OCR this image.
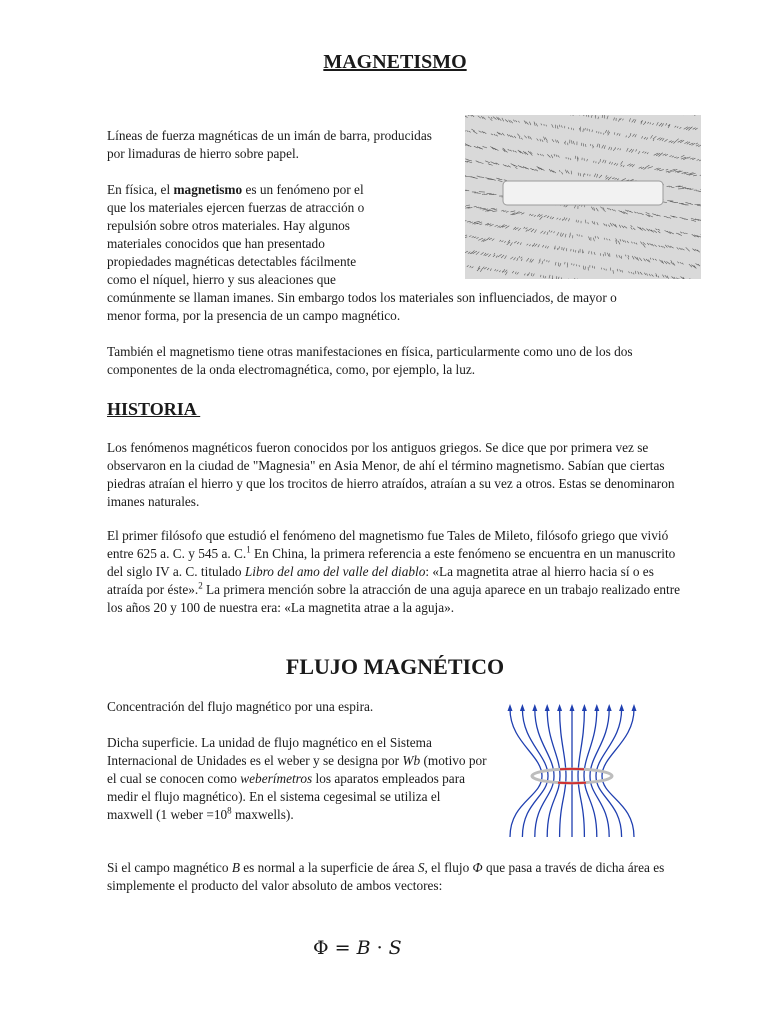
MAGNETISMO

Líneas de fuerza magnéticas de un imán de barra, producidas por limaduras de hierro sobre papel.

En física, el magnetismo es un fenómeno por el que los materiales ejercen fuerzas de atracción o repulsión sobre otros materiales. Hay algunos materiales conocidos que han presentado propiedades magnéticas detectables fácilmente como el níquel, hierro y sus aleaciones que comúnmente se llaman imanes. Sin embargo todos los materiales son influenciados, de mayor o menor forma, por la presencia de un campo magnético.

También el magnetismo tiene otras manifestaciones en física, particularmente como uno de los dos componentes de la onda electromagnética, como, por ejemplo, la luz.

HISTORIA

Los fenómenos magnéticos fueron conocidos por los antiguos griegos. Se dice que por primera vez se observaron en la ciudad de "Magnesia" en Asia Menor, de ahí el término magnetismo. Sabían que ciertas piedras atraían el hierro y que los trocitos de hierro atraídos, atraían a su vez a otros. Estas se denominaron imanes naturales.

El primer filósofo que estudió el fenómeno del magnetismo fue Tales de Mileto, filósofo griego que vivió entre 625 a. C. y 545 a. C.$^1$ En China, la primera referencia a este fenómeno se encuentra en un manuscrito del siglo IV a. C. titulado Libro del amo del valle del diablo: «La magnetita atrae al hierro hacia sí o es atraída por éste».$^2$ La primera mención sobre la atracción de una aguja aparece en un trabajo realizado entre los años 20 y 100 de nuestra era: «La magnetita atrae a la aguja».

FLUJO MAGNÉTICO

Concentración del flujo magnético por una espira.

Dicha superficie. La unidad de flujo magnético en el Sistema Internacional de Unidades es el weber y se designa por Wb (motivo por el cual se conocen como weberímetros los aparatos empleados para medir el flujo magnético). En el sistema cegesimal se utiliza el maxwell (1 weber $=10^8$ maxwells).

Si el campo magnético B es normal a la superficie de área S, el flujo Φ que pasa a través de dicha área es simplemente el producto del valor absoluto de ambos vectores:

Φ = B · S
